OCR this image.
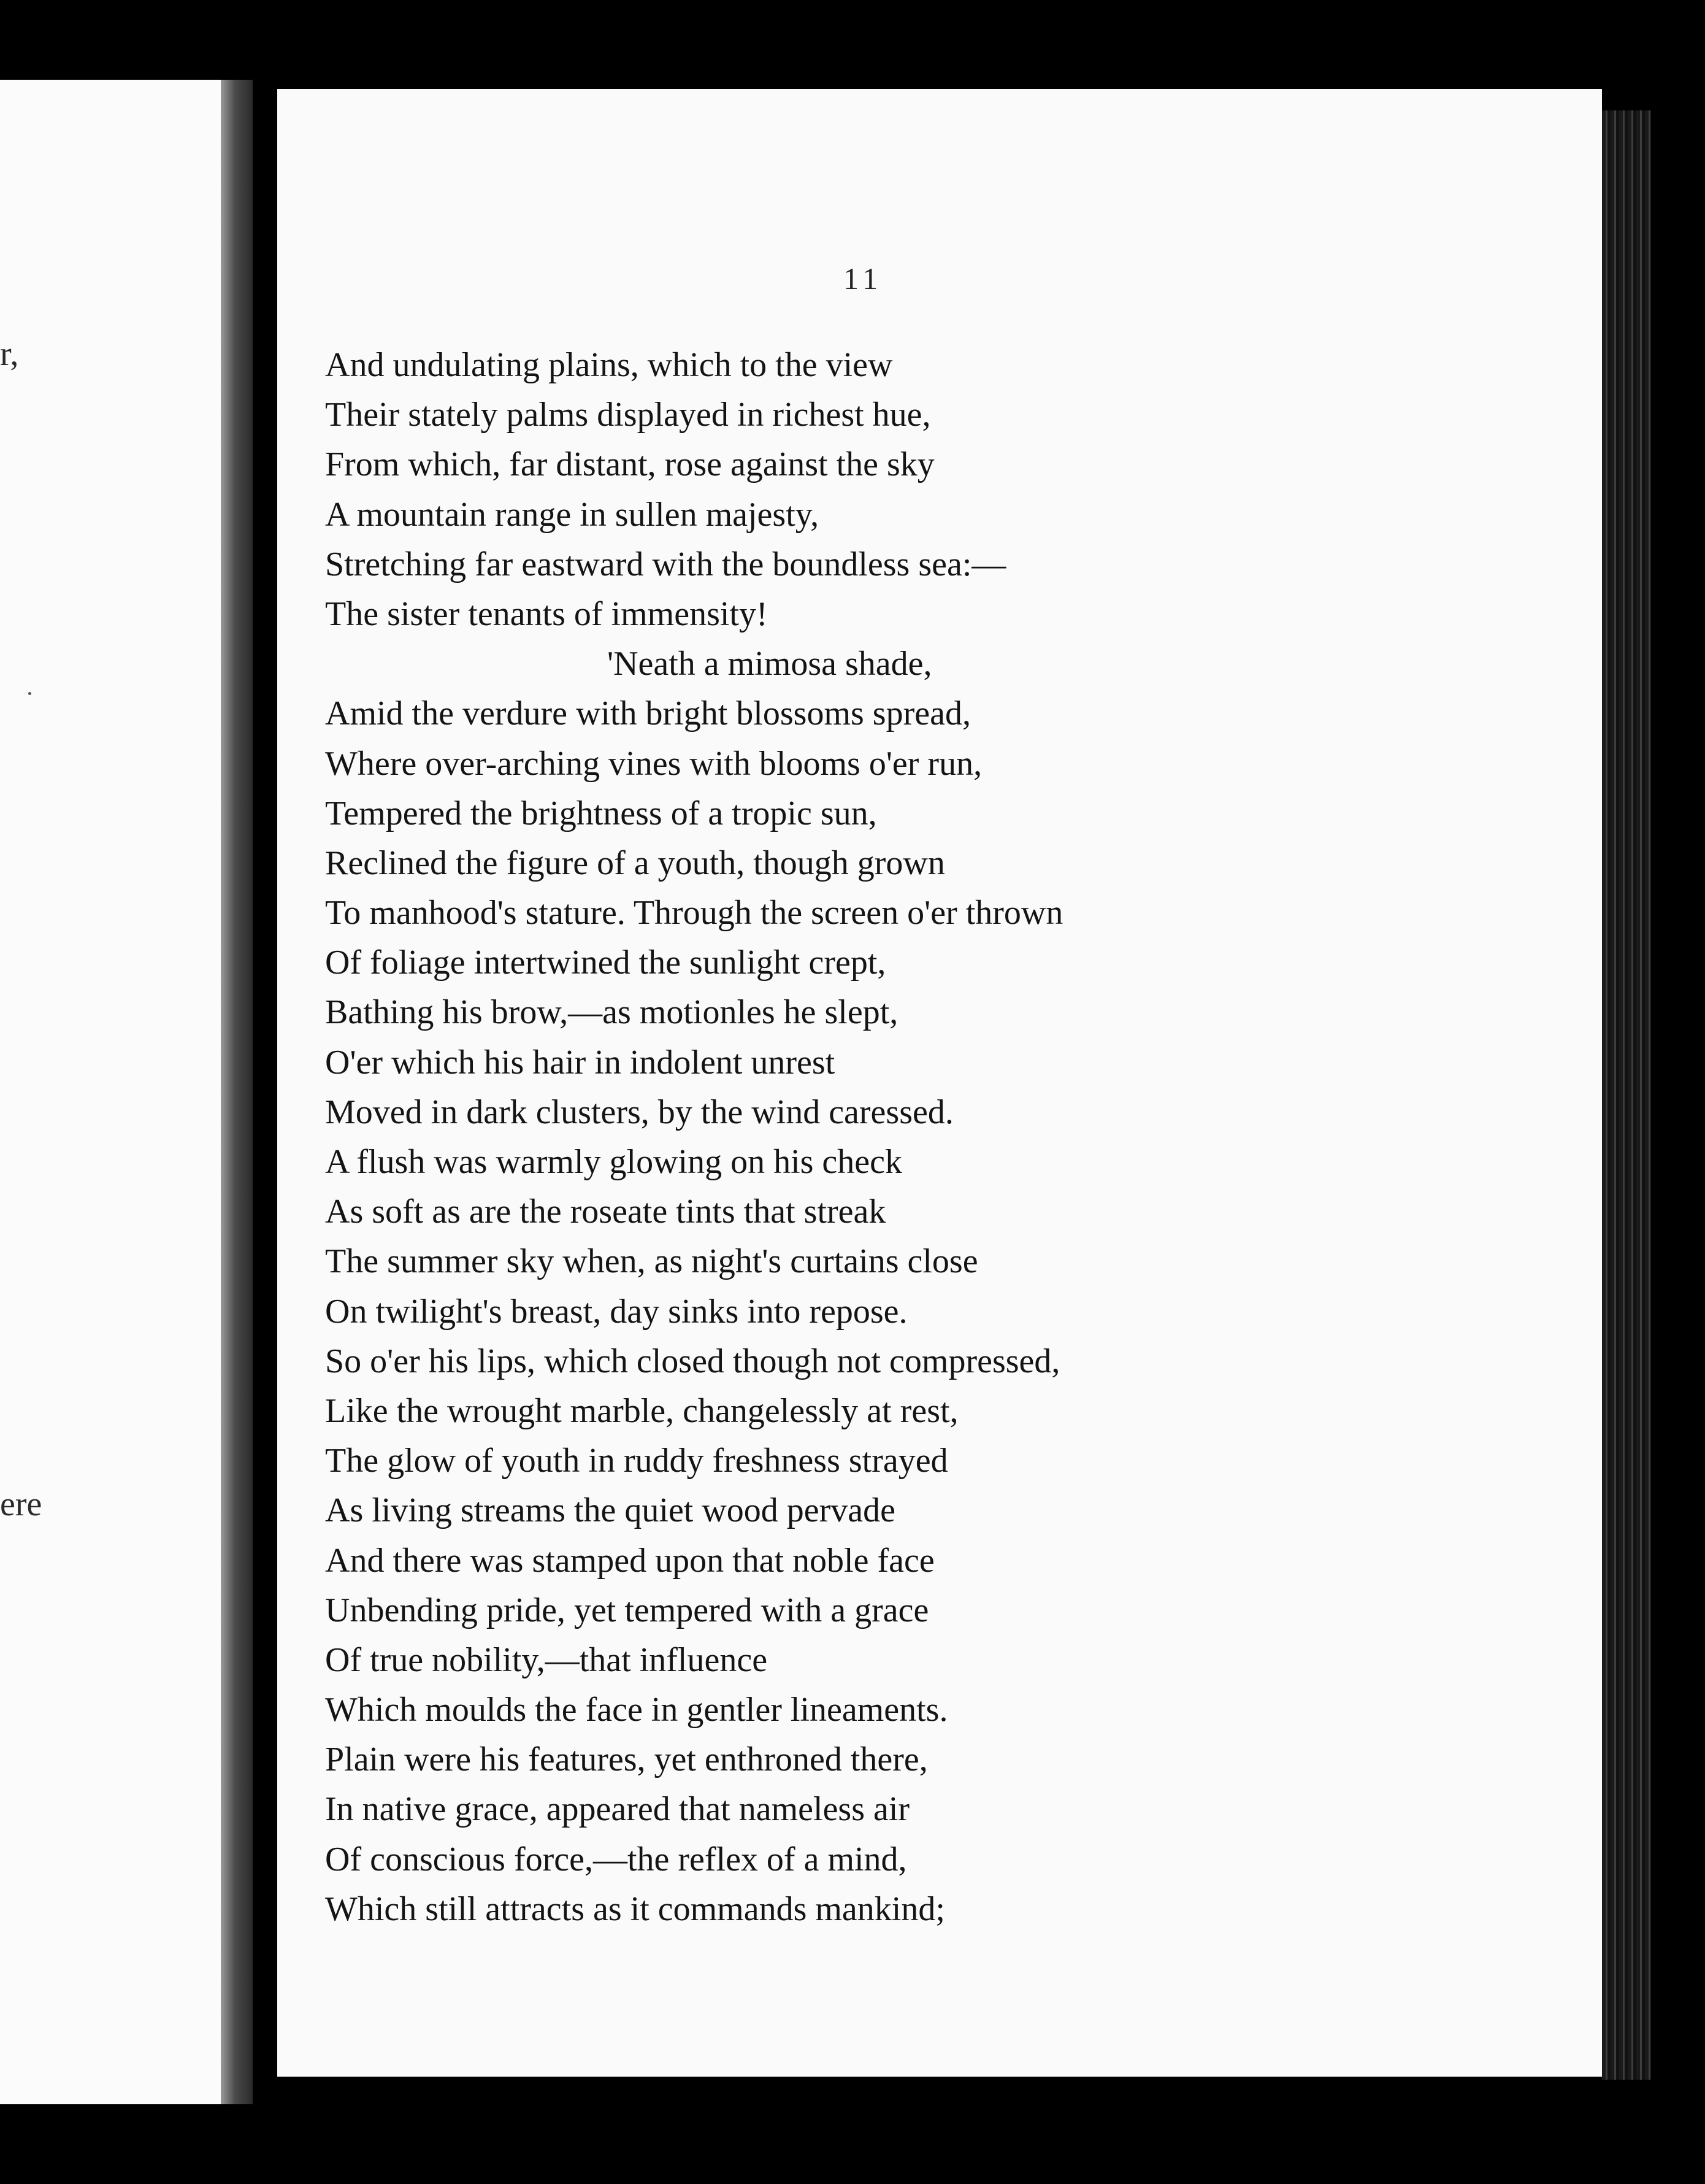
r,
ere
11
And undulating plains, which to the view
Their stately palms displayed in richest hue,
From which, far distant, rose against the sky
A mountain range in sullen majesty,
Stretching far eastward with the boundless sea:—
The sister tenants of immensity!
'Neath a mimosa shade,
Amid the verdure with bright blossoms spread,
Where over-arching vines with blooms o'er run,
Tempered the brightness of a tropic sun,
Reclined the figure of a youth, though grown
To manhood's stature. Through the screen o'er thrown
Of foliage intertwined the sunlight crept,
Bathing his brow,—as motionles he slept,
O'er which his hair in indolent unrest
Moved in dark clusters, by the wind caressed.
A flush was warmly glowing on his check
As soft as are the roseate tints that streak
The summer sky when, as night's curtains close
On twilight's breast, day sinks into repose.
So o'er his lips, which closed though not compressed,
Like the wrought marble, changelessly at rest,
The glow of youth in ruddy freshness strayed
As living streams the quiet wood pervade
And there was stamped upon that noble face
Unbending pride, yet tempered with a grace
Of true nobility,—that influence
Which moulds the face in gentler lineaments.
Plain were his features, yet enthroned there,
In native grace, appeared that nameless air
Of conscious force,—the reflex of a mind,
Which still attracts as it commands mankind;
